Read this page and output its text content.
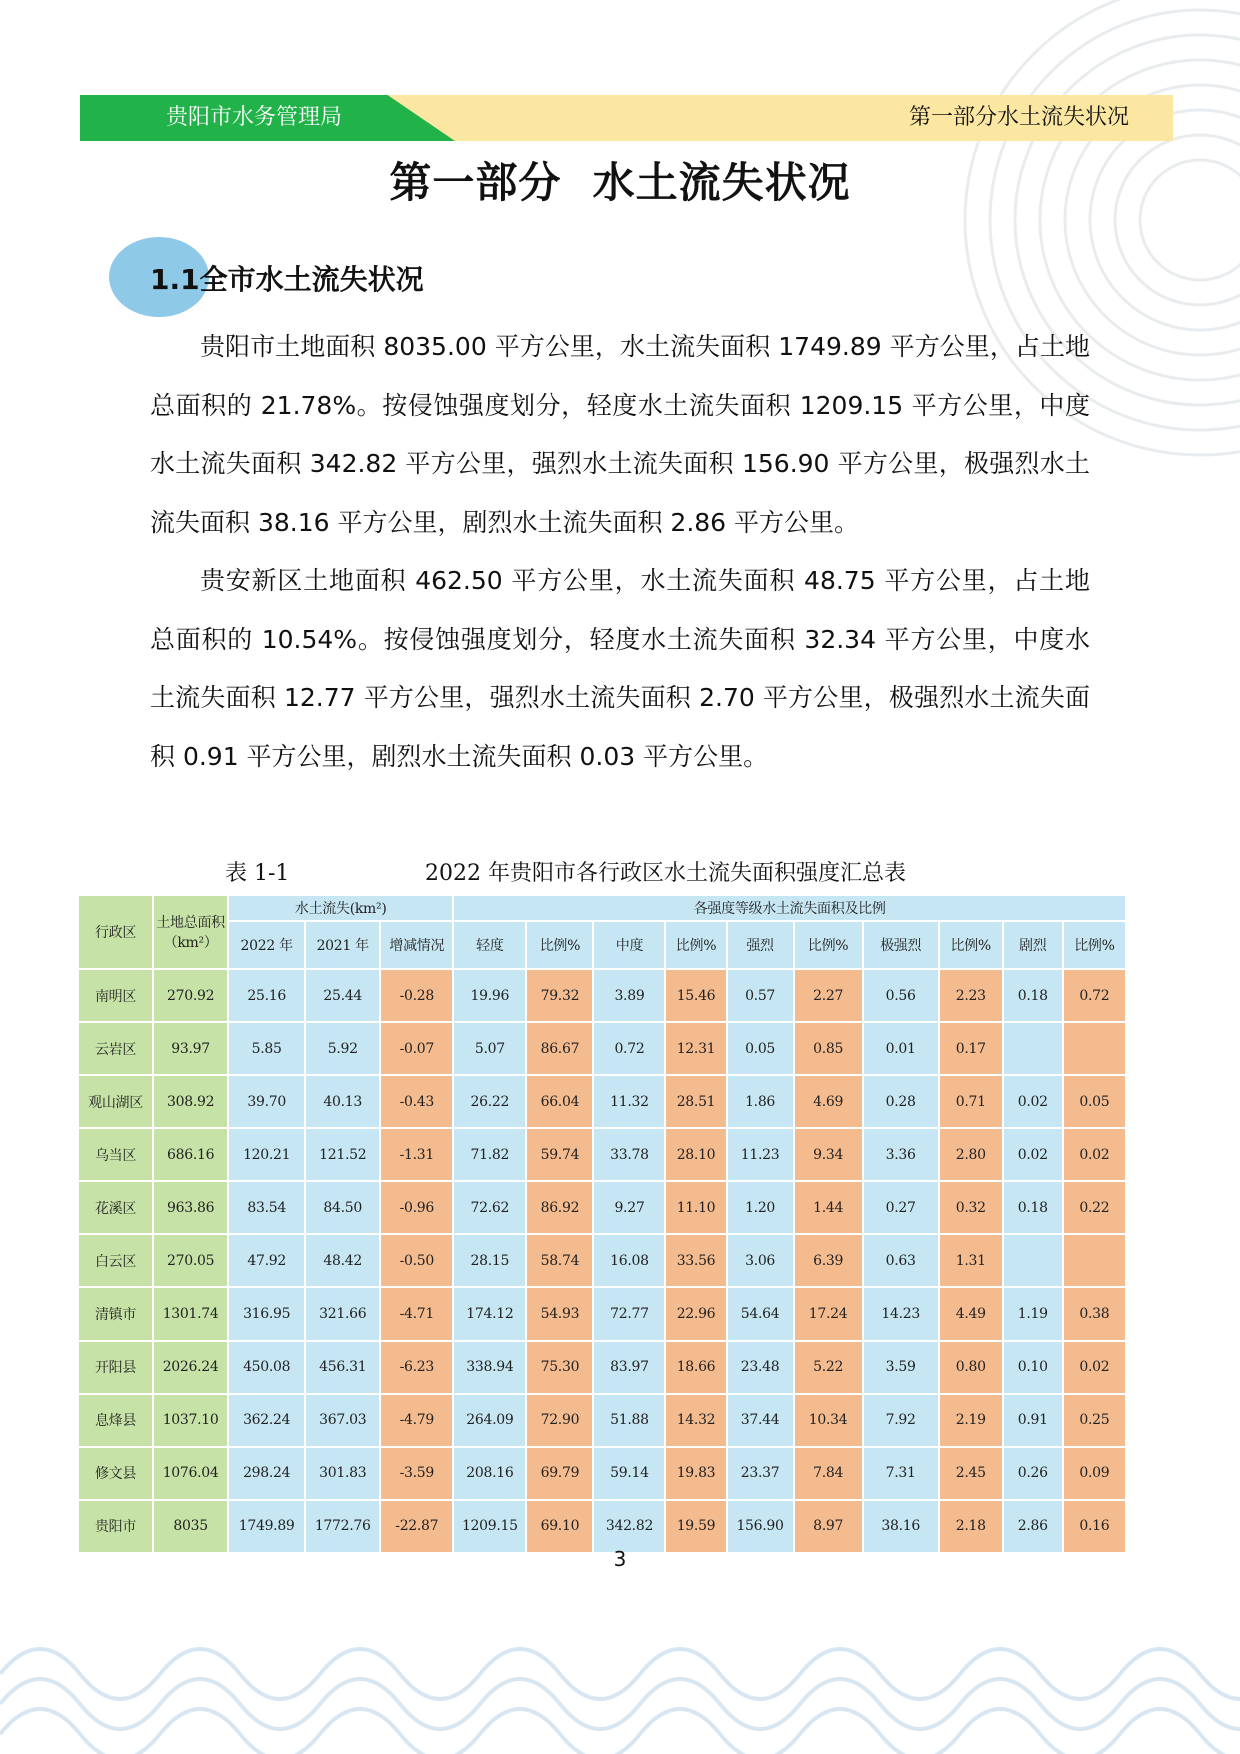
贵阳市水务管理局	第一部分水土流失状况
第一部分  水土流失状况
1.1全市水土流失状况

贵阳市土地面积 8035.00 平方公里，水土流失面积 1749.89 平方公里，占土地总面积的 21.78%。按侵蚀强度划分，轻度水土流失面积 1209.15 平方公里，中度水土流失面积 342.82 平方公里，强烈水土流失面积 156.90 平方公里，极强烈水土流失面积 38.16 平方公里，剧烈水土流失面积 2.86 平方公里。

贵安新区土地面积 462.50 平方公里，水土流失面积 48.75 平方公里，占土地总面积的 10.54%。按侵蚀强度划分，轻度水土流失面积 32.34 平方公里，中度水土流失面积 12.77 平方公里，强烈水土流失面积 2.70 平方公里，极强烈水土流失面积 0.91 平方公里，剧烈水土流失面积 0.03 平方公里。

表 1-1	2022 年贵阳市各行政区水土流失面积强度汇总表
行政区	土地总面积（km²）	水土流失(km²)			各强度等级水土流失面积及比例									
		2022 年	2021 年	增减情况	轻度	比例%	中度	比例%	强烈	比例%	极强烈	比例%	剧烈	比例%
南明区	270.92	25.16	25.44	-0.28	19.96	79.32	3.89	15.46	0.57	2.27	0.56	2.23	0.18	0.72
云岩区	93.97	5.85	5.92	-0.07	5.07	86.67	0.72	12.31	0.05	0.85	0.01	0.17		
观山湖区	308.92	39.70	40.13	-0.43	26.22	66.04	11.32	28.51	1.86	4.69	0.28	0.71	0.02	0.05
乌当区	686.16	120.21	121.52	-1.31	71.82	59.74	33.78	28.10	11.23	9.34	3.36	2.80	0.02	0.02
花溪区	963.86	83.54	84.50	-0.96	72.62	86.92	9.27	11.10	1.20	1.44	0.27	0.32	0.18	0.22
白云区	270.05	47.92	48.42	-0.50	28.15	58.74	16.08	33.56	3.06	6.39	0.63	1.31		
清镇市	1301.74	316.95	321.66	-4.71	174.12	54.93	72.77	22.96	54.64	17.24	14.23	4.49	1.19	0.38
开阳县	2026.24	450.08	456.31	-6.23	338.94	75.30	83.97	18.66	23.48	5.22	3.59	0.80	0.10	0.02
息烽县	1037.10	362.24	367.03	-4.79	264.09	72.90	51.88	14.32	37.44	10.34	7.92	2.19	0.91	0.25
修文县	1076.04	298.24	301.83	-3.59	208.16	69.79	59.14	19.83	23.37	7.84	7.31	2.45	0.26	0.09
贵阳市	8035	1749.89	1772.76	-22.87	1209.15	69.10	342.82	19.59	156.90	8.97	38.16	2.18	2.86	0.16
3
